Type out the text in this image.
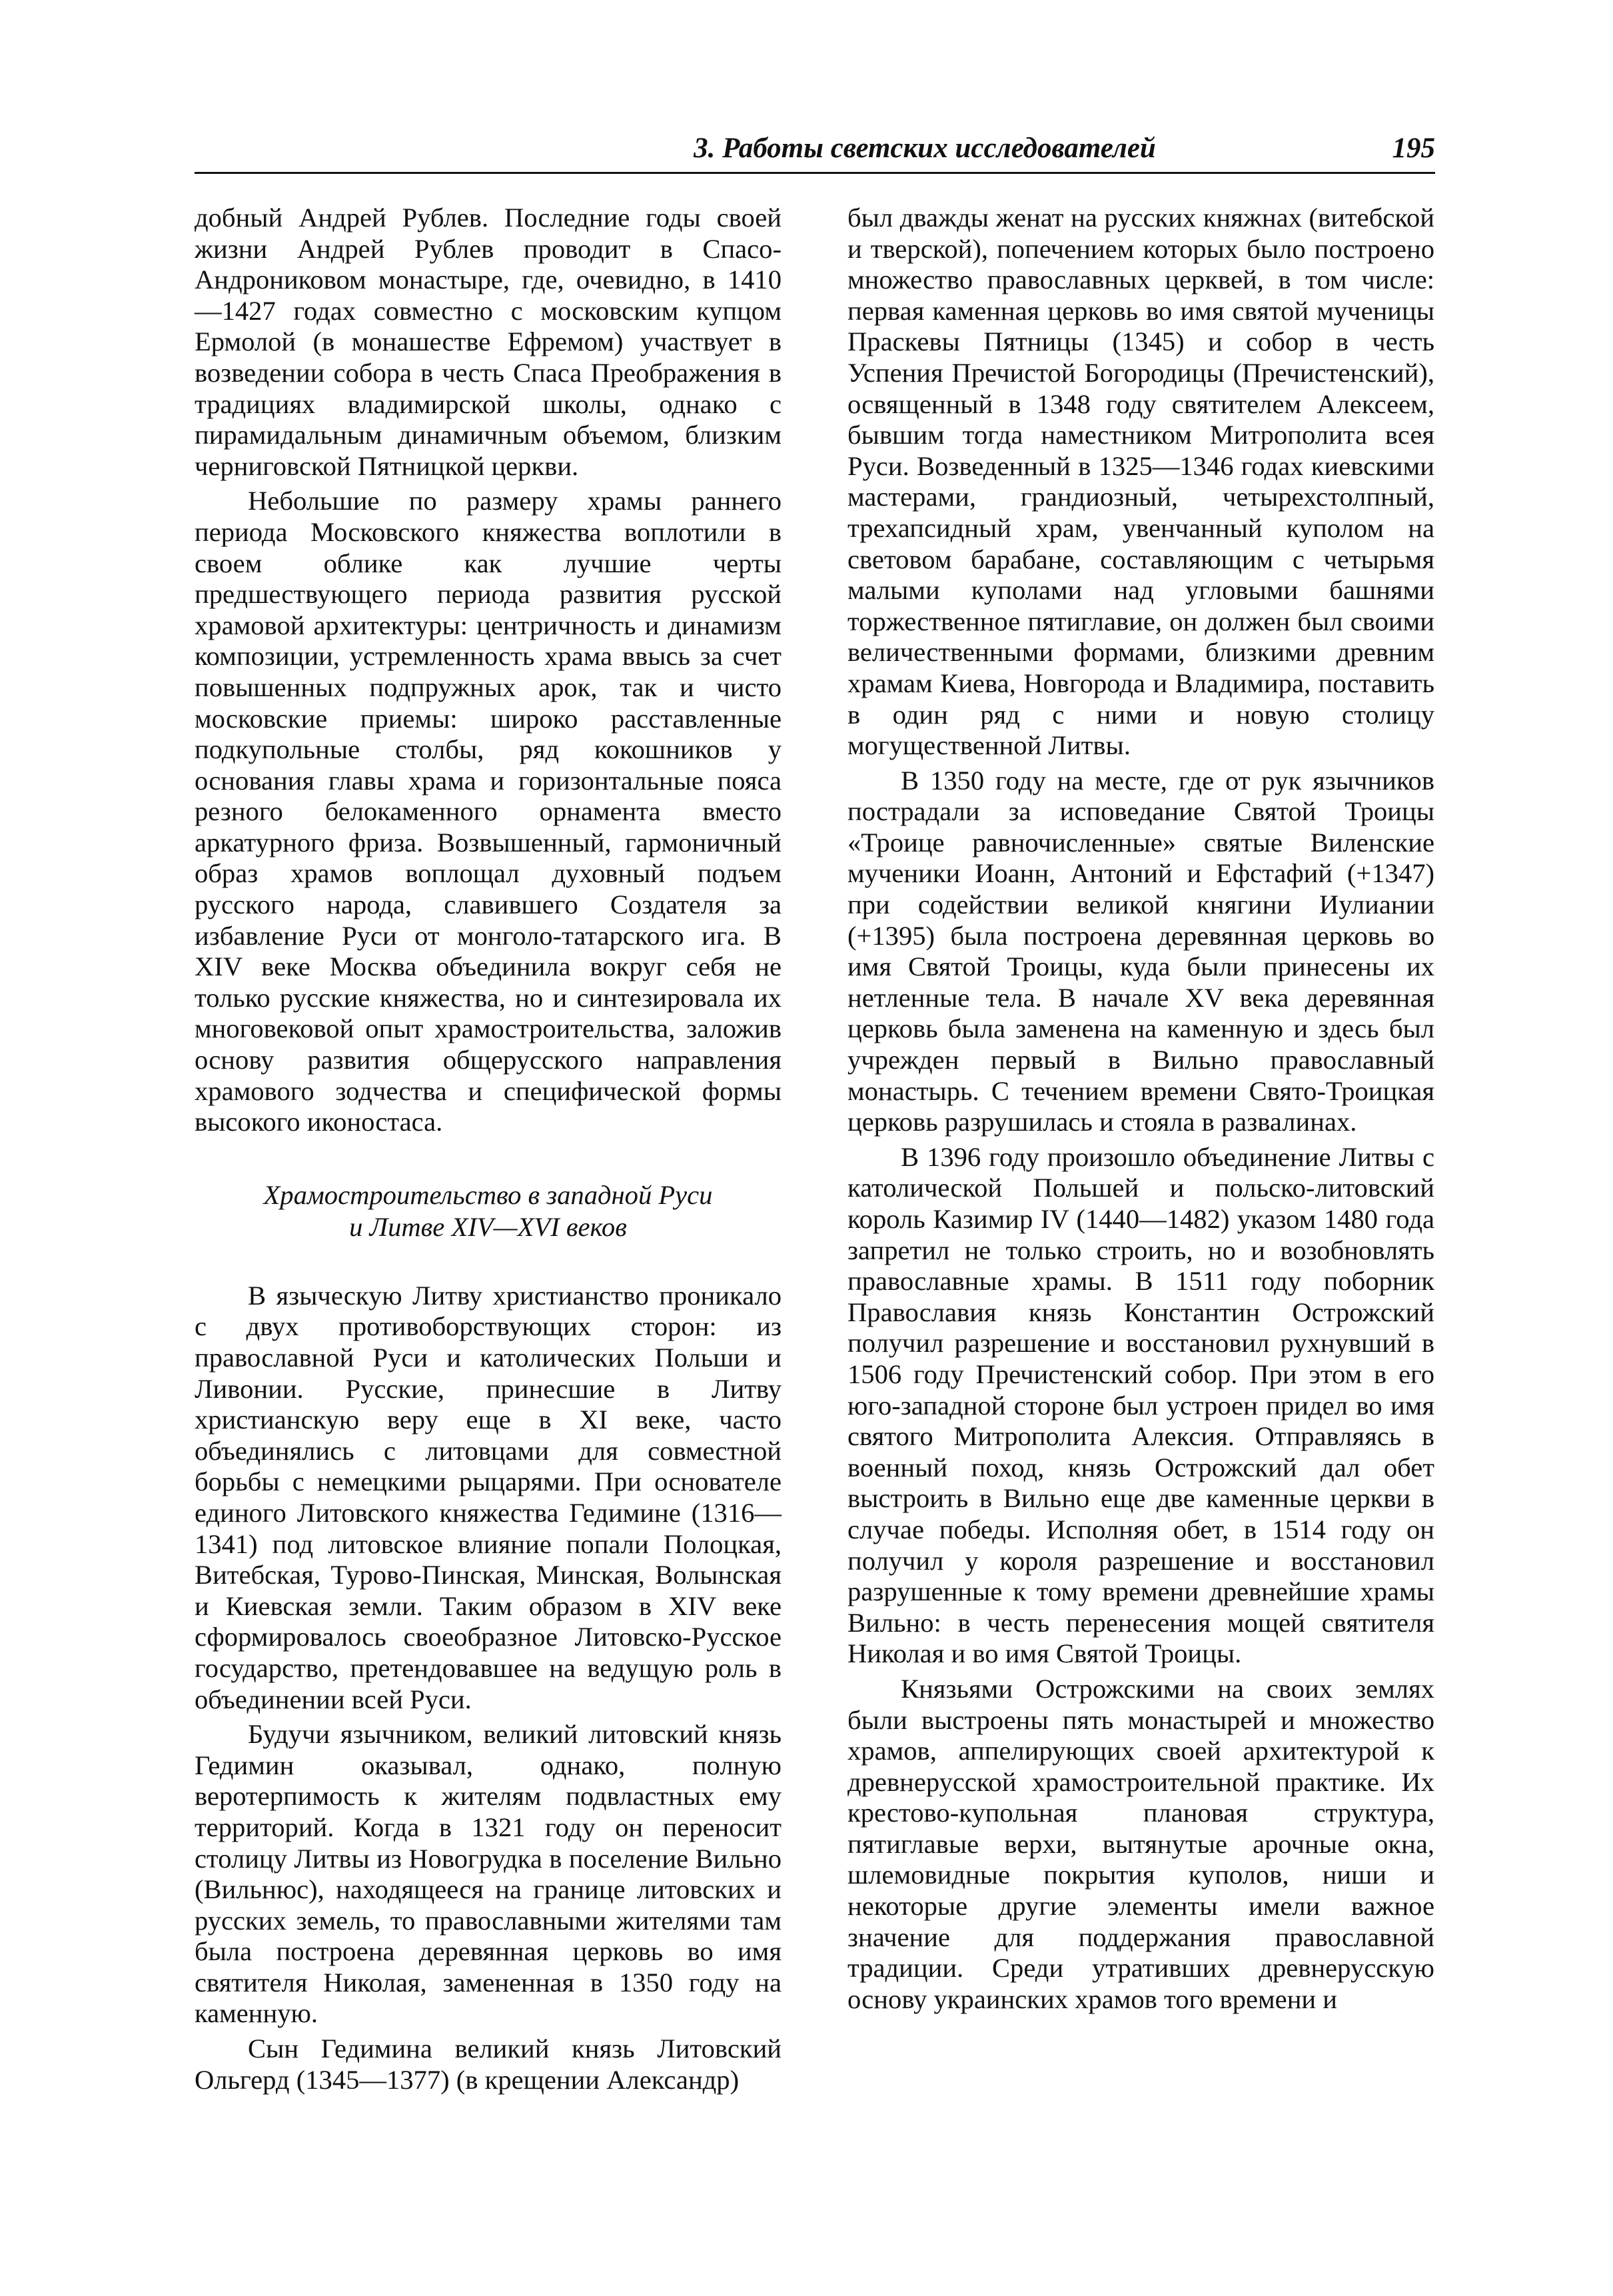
3. Работы светских исследователей	195

добный Андрей Рублев. Последние годы своей жизни Андрей Рублев проводит в Спасо-Андрониковом монастыре, где, очевидно, в 1410—1427 годах совместно с московским купцом Ермолой (в монашестве Ефремом) участвует в возведении собора в честь Спаса Преображения в традициях владимирской школы, однако с пирамидальным динамичным объемом, близким черниговской Пятницкой церкви.

Небольшие по размеру храмы раннего периода Московского княжества воплотили в своем облике как лучшие черты предшествующего периода развития русской храмовой архитектуры: центричность и динамизм композиции, устремленность храма ввысь за счет повышенных подпружных арок, так и чисто московские приемы: широко расставленные подкупольные столбы, ряд кокошников у основания главы храма и горизонтальные пояса резного белокаменного орнамента вместо аркатурного фриза. Возвышенный, гармоничный образ храмов воплощал духовный подъем русского народа, славившего Создателя за избавление Руси от монголо-татарского ига. В XIV веке Москва объединила вокруг себя не только русские княжества, но и синтезировала их многовековой опыт храмостроительства, заложив основу развития общерусского направления храмового зодчества и специфической формы высокого иконостаса.

Храмостроительство в западной Руси
и Литве XIV—XVI веков

В языческую Литву христианство проникало с двух противоборствующих сторон: из православной Руси и католических Польши и Ливонии. Русские, принесшие в Литву христианскую веру еще в XI веке, часто объединялись с литовцами для совместной борьбы с немецкими рыцарями. При основателе единого Литовского княжества Гедимине (1316—1341) под литовское влияние попали Полоцкая, Витебская, Турово-Пинская, Минская, Волынская и Киевская земли. Таким образом в XIV веке сформировалось своеобразное Литовско-Русское государство, претендовавшее на ведущую роль в объединении всей Руси.

Будучи язычником, великий литовский князь Гедимин оказывал, однако, полную веротерпимость к жителям подвластных ему территорий. Когда в 1321 году он переносит столицу Литвы из Новогрудка в поселение Вильно (Вильнюс), находящееся на границе литовских и русских земель, то православными жителями там была построена деревянная церковь во имя святителя Николая, замененная в 1350 году на каменную.

Сын Гедимина великий князь Литовский Ольгерд (1345—1377) (в крещении Александр)

был дважды женат на русских княжнах (витебской и тверской), попечением которых было построено множество православных церквей, в том числе: первая каменная церковь во имя святой мученицы Праскевы Пятницы (1345) и собор в честь Успения Пречистой Богородицы (Пречистенский), освященный в 1348 году святителем Алексеем, бывшим тогда наместником Митрополита всея Руси. Возведенный в 1325—1346 годах киевскими мастерами, грандиозный, четырехстолпный, трехапсидный храм, увенчанный куполом на световом барабане, составляющим с четырьмя малыми куполами над угловыми башнями торжественное пятиглавие, он должен был своими величественными формами, близкими древним храмам Киева, Новгорода и Владимира, поставить в один ряд с ними и новую столицу могущественной Литвы.

В 1350 году на месте, где от рук язычников пострадали за исповедание Святой Троицы «Троице равночисленные» святые Виленские мученики Иоанн, Антоний и Ефстафий (+1347) при содействии великой княгини Иулиании (+1395) была построена деревянная церковь во имя Святой Троицы, куда были принесены их нетленные тела. В начале XV века деревянная церковь была заменена на каменную и здесь был учрежден первый в Вильно православный монастырь. С течением времени Свято-Троицкая церковь разрушилась и стояла в развалинах.

В 1396 году произошло объединение Литвы с католической Польшей и польско-литовский король Казимир IV (1440—1482) указом 1480 года запретил не только строить, но и возобновлять православные храмы. В 1511 году поборник Православия князь Константин Острожский получил разрешение и восстановил рухнувший в 1506 году Пречистенский собор. При этом в его юго-западной стороне был устроен придел во имя святого Митрополита Алексия. Отправляясь в военный поход, князь Острожский дал обет выстроить в Вильно еще две каменные церкви в случае победы. Исполняя обет, в 1514 году он получил у короля разрешение и восстановил разрушенные к тому времени древнейшие храмы Вильно: в честь перенесения мощей святителя Николая и во имя Святой Троицы.

Князьями Острожскими на своих землях были выстроены пять монастырей и множество храмов, аппелирующих своей архитектурой к древнерусской храмостроительной практике. Их крестово-купольная плановая структура, пятиглавые верхи, вытянутые арочные окна, шлемовидные покрытия куполов, ниши и некоторые другие элементы имели важное значение для поддержания православной традиции. Среди утративших древнерусскую основу украинских храмов того времени и
